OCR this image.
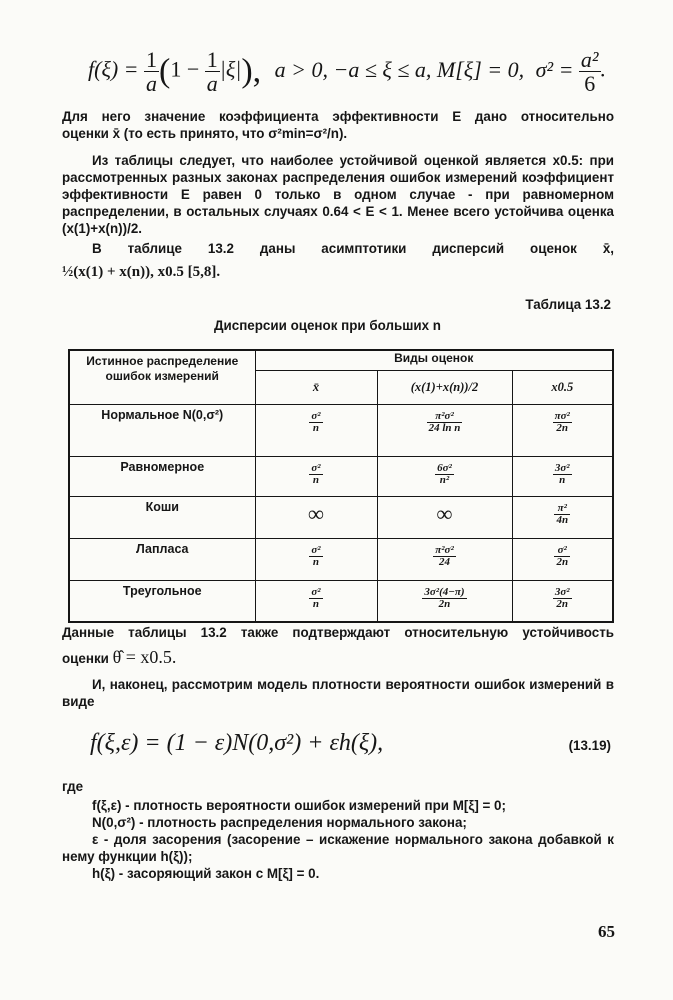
$f(\xi) = \frac{1}{a} (1 - \frac{1}{a} |\xi|)$, a > 0, −a ≤ ξ ≤ a, M[ξ] = 0, $\sigma^2 = \frac{\text{a²}}{6}$ .

Для него значение коэффициента эффективности E дано относительно

оценки x̄ (то есть принято, что σ²min=σ²/n).

Из таблицы следует, что наиболее устойчивой оценкой является x0.5: при рассмотренных разных законах распределения ошибок измерений коэффициент эффективности E равен 0 только в одном случае - при равномерном распределении, в остальных случаях 0.64 < E < 1. Менее всего устойчива оценка (x(1)+x(n))/2.

В таблице 13.2 даны асимптотики дисперсий оценок x̄,

½(x(1) + x(n)), x0.5 [5,8].

Таблица 13.2
Дисперсии оценок при больших n
Истинное распределение ошибок измерений	Виды оценок		
	x̄	(x(1)+x(n))/2	x0.5
Нормальное N(0,σ²)	$\frac{\text{σ²}}{n}$	$\frac{\text{π²σ²}}{\text{24 ln n}}$	$\frac{\text{πσ²}}{2n}$

Равномерное	$\frac{\text{σ²}}{n}$	$\frac{\text{6σ²}}{\text{n²}}$	$\frac{\text{3σ²}}{n}$

Коши	∞	∞	$\frac{\text{π²}}{4n}$

Лапласа	$\frac{\text{σ²}}{n}$	$\frac{\text{π²σ²}}{24}$	$\frac{\text{σ²}}{2n}$

Треугольное	$\frac{\text{σ²}}{n}$	$\frac{\text{3σ²(4−π)}}{2n}$	$\frac{\text{3σ²}}{2n}$

Данные таблицы 13.2 также подтверждают относительную устойчивость

оценки θ̂ = x0.5.

И, наконец, рассмотрим модель плотности вероятности ошибок измерений в виде

f(ξ,ε) = (1 − ε)N(0,σ²) + εh(ξ),	(13.19)
где

f(ξ,ε) - плотность вероятности ошибок измерений при M[ξ] = 0;

N(0,σ²) - плотность распределения нормального закона;

ε - доля засорения (засорение – искажение нормального закона добавкой к нему функции h(ξ));

h(ξ) - засоряющий закон с M[ξ] = 0.

65
